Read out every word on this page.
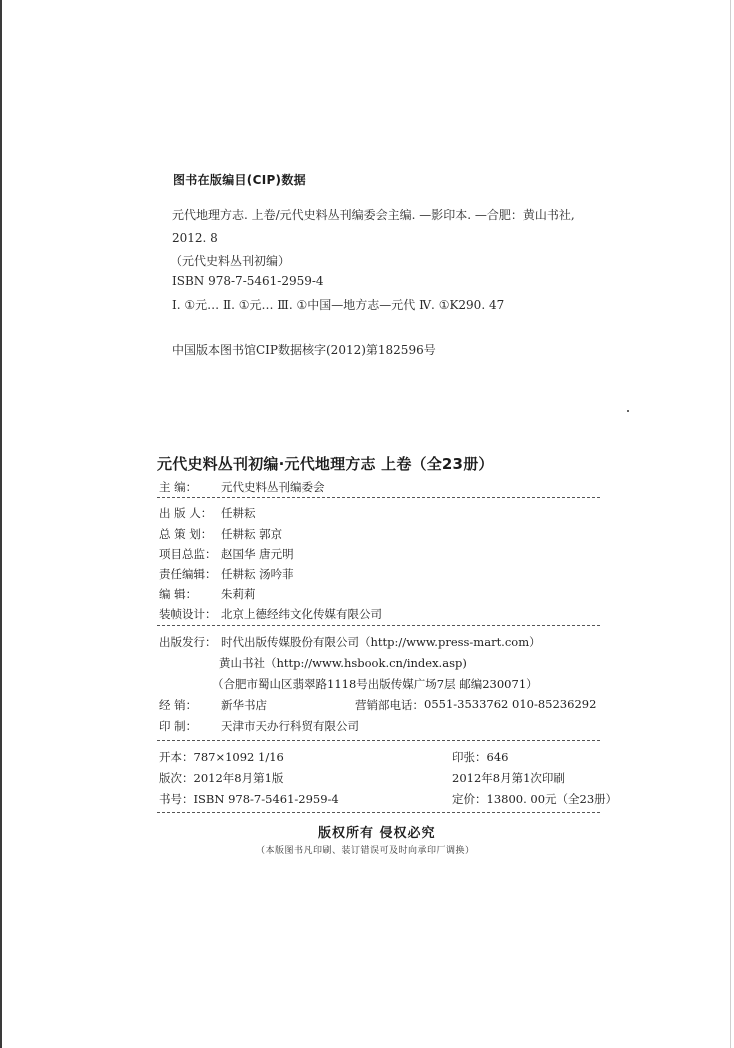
图书在版编目(CIP)数据
元代地理方志. 上卷/元代史料丛刊编委会主编. —影印本. —合肥：黄山书社,
2012. 8
（元代史料丛刊初编）
ISBN 978-7-5461-2959-4
Ⅰ. ①元… Ⅱ. ①元… Ⅲ. ①中国—地方志—元代 Ⅳ. ①K290. 47
中国版本图书馆CIP数据核字(2012)第182596号
元代史料丛刊初编·元代地理方志 上卷（全23册）
主 编：	元代史料丛刊编委会
出 版 人： 任耕耘
总 策 划： 任耕耘 郭京
项目总监： 赵国华 唐元明
责任编辑： 任耕耘 汤吟菲
编 辑：	朱莉莉
装帧设计： 北京上德经纬文化传媒有限公司
出版发行： 时代出版传媒股份有限公司（http://www.press-mart.com）
黄山书社（http://www.hsbook.cn/index.asp)
（合肥市蜀山区翡翠路1118号出版传媒广场7层 邮编230071）
经 销：	新华书店	营销部电话： 0551-3533762 010-85236292
印 制：	天津市天办行科贸有限公司
开本：787×1092 1/16	印张：646
版次：2012年8月第1版	2012年8月第1次印刷
书号：ISBN 978-7-5461-2959-4	定价：13800. 00元（全23册）
版权所有 侵权必究
（本版图书凡印刷、装订错误可及时向承印厂调换）
